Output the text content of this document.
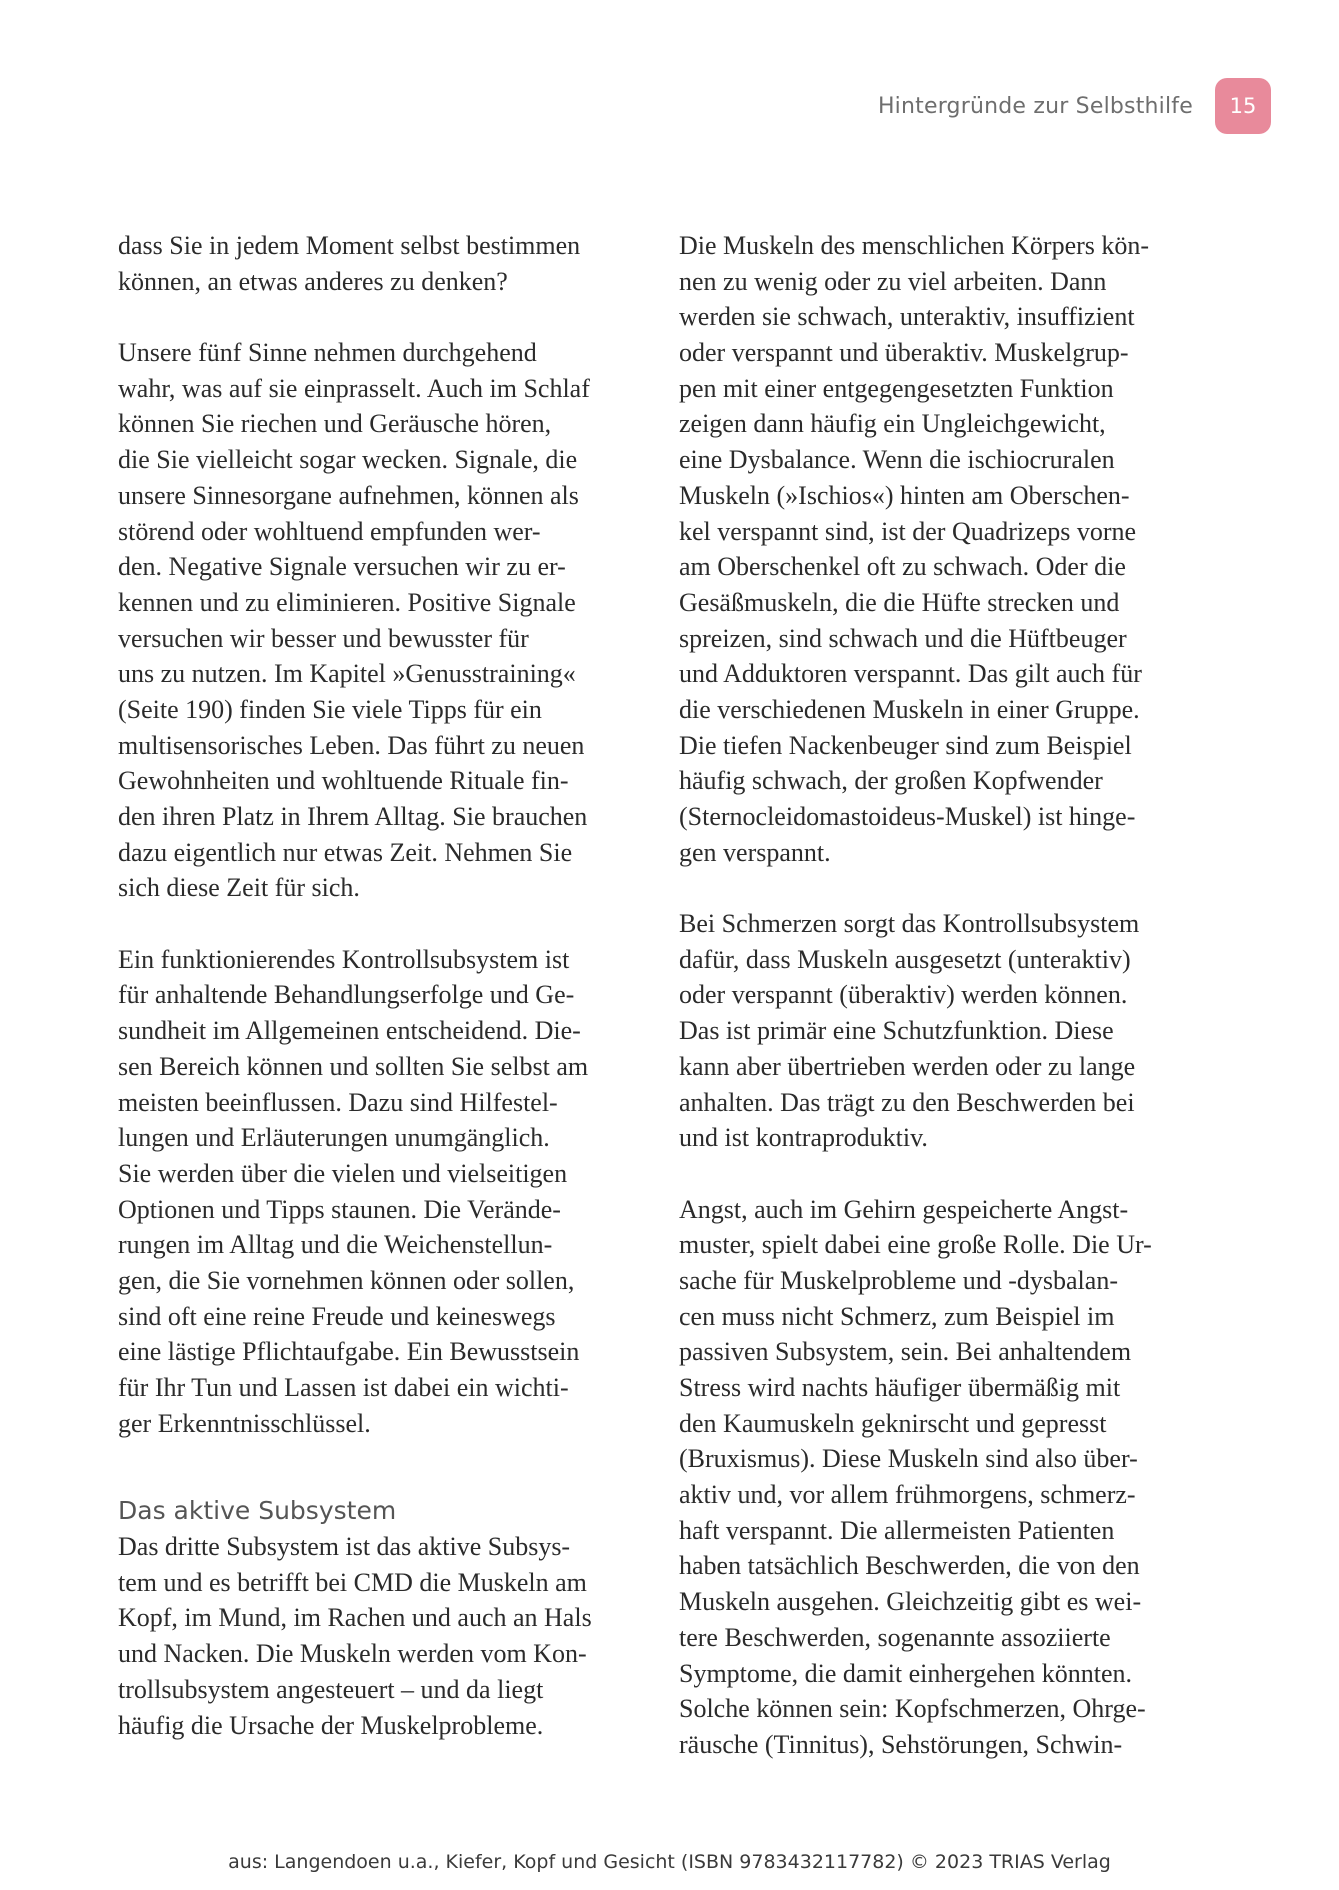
Hintergründe zur Selbsthilfe	15
dass Sie in jedem Moment selbst bestimmen
können, an etwas anderes zu denken?
Unsere fünf Sinne nehmen durchgehend
wahr, was auf sie einprasselt. Auch im Schlaf
können Sie riechen und Geräusche hören,
die Sie vielleicht sogar wecken. Signale, die
unsere Sinnesorgane aufnehmen, können als
störend oder wohltuend empfunden wer-
den. Negative Signale versuchen wir zu er-
kennen und zu eliminieren. Positive Signale
versuchen wir besser und bewusster für
uns zu nutzen. Im Kapitel »Genusstraining«
(Seite 190) finden Sie viele Tipps für ein
multisensorisches Leben. Das führt zu neuen
Gewohnheiten und wohltuende Rituale fin-
den ihren Platz in Ihrem Alltag. Sie brauchen
dazu eigentlich nur etwas Zeit. Nehmen Sie
sich diese Zeit für sich.
Ein funktionierendes Kontrollsubsystem ist
für anhaltende Behandlungserfolge und Ge-
sundheit im Allgemeinen entscheidend. Die-
sen Bereich können und sollten Sie selbst am
meisten beeinflussen. Dazu sind Hilfestel-
lungen und Erläuterungen unumgänglich.
Sie werden über die vielen und vielseitigen
Optionen und Tipps staunen. Die Verände-
rungen im Alltag und die Weichenstellun-
gen, die Sie vornehmen können oder sollen,
sind oft eine reine Freude und keineswegs
eine lästige Pflichtaufgabe. Ein Bewusstsein
für Ihr Tun und Lassen ist dabei ein wichti-
ger Erkenntnisschlüssel.
Das aktive Subsystem
Das dritte Subsystem ist das aktive Subsys-
tem und es betrifft bei CMD die Muskeln am
Kopf, im Mund, im Rachen und auch an Hals
und Nacken. Die Muskeln werden vom Kon-
trollsubsystem angesteuert – und da liegt
häufig die Ursache der Muskelprobleme.
Die Muskeln des menschlichen Körpers kön-
nen zu wenig oder zu viel arbeiten. Dann
werden sie schwach, unteraktiv, insuffizient
oder verspannt und überaktiv. Muskelgrup-
pen mit einer entgegengesetzten Funktion
zeigen dann häufig ein Ungleichgewicht,
eine Dysbalance. Wenn die ischiocruralen
Muskeln (»Ischios«) hinten am Oberschen-
kel verspannt sind, ist der Quadrizeps vorne
am Oberschenkel oft zu schwach. Oder die
Gesäßmuskeln, die die Hüfte strecken und
spreizen, sind schwach und die Hüftbeuger
und Adduktoren verspannt. Das gilt auch für
die verschiedenen Muskeln in einer Gruppe.
Die tiefen Nackenbeuger sind zum Beispiel
häufig schwach, der großen Kopfwender
(Sternocleidomastoideus-Muskel) ist hinge-
gen verspannt.
Bei Schmerzen sorgt das Kontrollsubsystem
dafür, dass Muskeln ausgesetzt (unteraktiv)
oder verspannt (überaktiv) werden können.
Das ist primär eine Schutzfunktion. Diese
kann aber übertrieben werden oder zu lange
anhalten. Das trägt zu den Beschwerden bei
und ist kontraproduktiv.
Angst, auch im Gehirn gespeicherte Angst-
muster, spielt dabei eine große Rolle. Die Ur-
sache für Muskelprobleme und -dysbalan-
cen muss nicht Schmerz, zum Beispiel im
passiven Subsystem, sein. Bei anhaltendem
Stress wird nachts häufiger übermäßig mit
den Kaumuskeln geknirscht und gepresst
(Bruxismus). Diese Muskeln sind also über-
aktiv und, vor allem frühmorgens, schmerz-
haft verspannt. Die allermeisten Patienten
haben tatsächlich Beschwerden, die von den
Muskeln ausgehen. Gleichzeitig gibt es wei-
tere Beschwerden, sogenannte assoziierte
Symptome, die damit einhergehen könnten.
Solche können sein: Kopfschmerzen, Ohrge-
räusche (Tinnitus), Sehstörungen, Schwin-
aus: Langendoen u.a., Kiefer, Kopf und Gesicht (ISBN 9783432117782) © 2023 TRIAS Verlag
